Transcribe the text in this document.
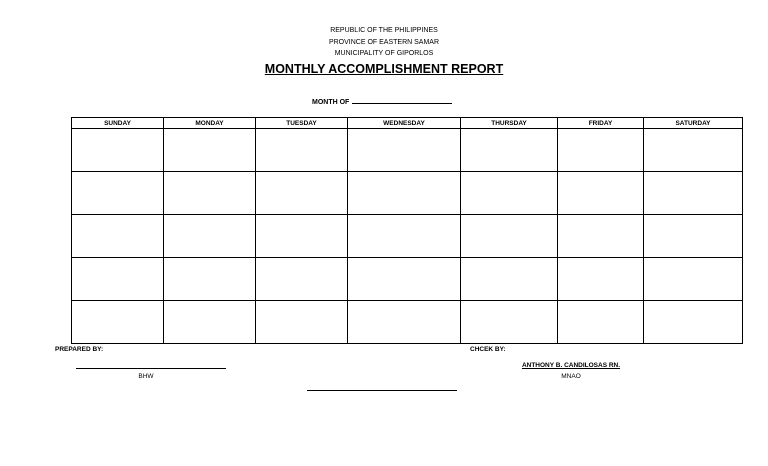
REPUBLIC OF THE PHILIPPINES
PROVINCE OF EASTERN SAMAR
MUNICIPALITY OF GIPORLOS
MONTHLY ACCOMPLISHMENT REPORT
MONTH OF
SUNDAY	MONDAY	TUESDAY	WEDNESDAY	THURSDAY	FRIDAY	SATURDAY

PREPARED BY:
BHW
CHCEK BY:
ANTHONY B. CANDILOSAS RN.
MNAO
